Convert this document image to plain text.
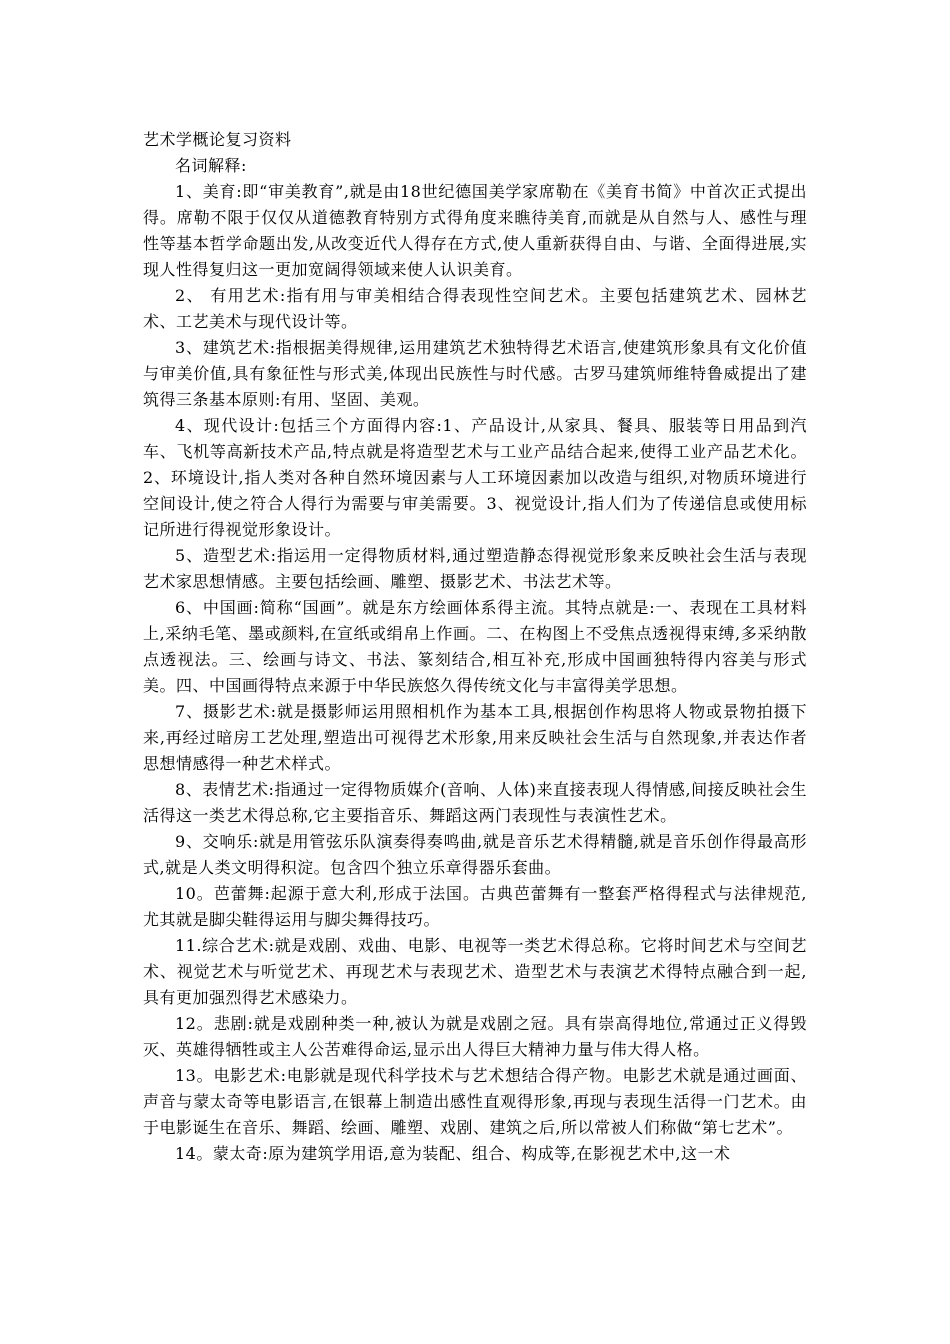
艺术学概论复习资料
名词解释:

1、美育:即“审美教育”,就是由18世纪德国美学家席勒在《美育书简》中首次正式提出得。席勒不限于仅仅从道德教育特别方式得角度来瞧待美育,而就是从自然与人、感性与理性等基本哲学命题出发,从改变近代人得存在方式,使人重新获得自由、与谐、全面得进展,实现人性得复归这一更加宽阔得领域来使人认识美育。

2、 有用艺术:指有用与审美相结合得表现性空间艺术。主要包括建筑艺术、园林艺术、工艺美术与现代设计等。

3、建筑艺术:指根据美得规律,运用建筑艺术独特得艺术语言,使建筑形象具有文化价值与审美价值,具有象征性与形式美,体现出民族性与时代感。古罗马建筑师维特鲁威提出了建筑得三条基本原则:有用、坚固、美观。

4、现代设计:包括三个方面得内容:1、产品设计,从家具、餐具、服装等日用品到汽车、飞机等高新技术产品,特点就是将造型艺术与工业产品结合起来,使得工业产品艺术化。2、环境设计,指人类对各种自然环境因素与人工环境因素加以改造与组织,对物质环境进行空间设计,使之符合人得行为需要与审美需要。3、视觉设计,指人们为了传递信息或使用标记所进行得视觉形象设计。

5、造型艺术:指运用一定得物质材料,通过塑造静态得视觉形象来反映社会生活与表现艺术家思想情感。主要包括绘画、雕塑、摄影艺术、书法艺术等。

6、中国画:简称“国画”。就是东方绘画体系得主流。其特点就是:一、表现在工具材料上,采纳毛笔、墨或颜料,在宣纸或绢帛上作画。二、在构图上不受焦点透视得束缚,多采纳散点透视法。三、绘画与诗文、书法、篆刻结合,相互补充,形成中国画独特得内容美与形式美。四、中国画得特点来源于中华民族悠久得传统文化与丰富得美学思想。

7、摄影艺术:就是摄影师运用照相机作为基本工具,根据创作构思将人物或景物拍摄下来,再经过暗房工艺处理,塑造出可视得艺术形象,用来反映社会生活与自然现象,并表达作者思想情感得一种艺术样式。

8、表情艺术:指通过一定得物质媒介(音响、人体)来直接表现人得情感,间接反映社会生活得这一类艺术得总称,它主要指音乐、舞蹈这两门表现性与表演性艺术。

9、交响乐:就是用管弦乐队演奏得奏鸣曲,就是音乐艺术得精髓,就是音乐创作得最高形式,就是人类文明得积淀。包含四个独立乐章得器乐套曲。

10。芭蕾舞:起源于意大利,形成于法国。古典芭蕾舞有一整套严格得程式与法律规范,尤其就是脚尖鞋得运用与脚尖舞得技巧。

11.综合艺术:就是戏剧、戏曲、电影、电视等一类艺术得总称。它将时间艺术与空间艺术、视觉艺术与听觉艺术、再现艺术与表现艺术、造型艺术与表演艺术得特点融合到一起,具有更加强烈得艺术感染力。

12。悲剧:就是戏剧种类一种,被认为就是戏剧之冠。具有崇高得地位,常通过正义得毁灭、英雄得牺牲或主人公苦难得命运,显示出人得巨大精神力量与伟大得人格。

13。电影艺术:电影就是现代科学技术与艺术想结合得产物。电影艺术就是通过画面、声音与蒙太奇等电影语言,在银幕上制造出感性直观得形象,再现与表现生活得一门艺术。由于电影诞生在音乐、舞蹈、绘画、雕塑、戏剧、建筑之后,所以常被人们称做“第七艺术”。

14。蒙太奇:原为建筑学用语,意为装配、组合、构成等,在影视艺术中,这一术
